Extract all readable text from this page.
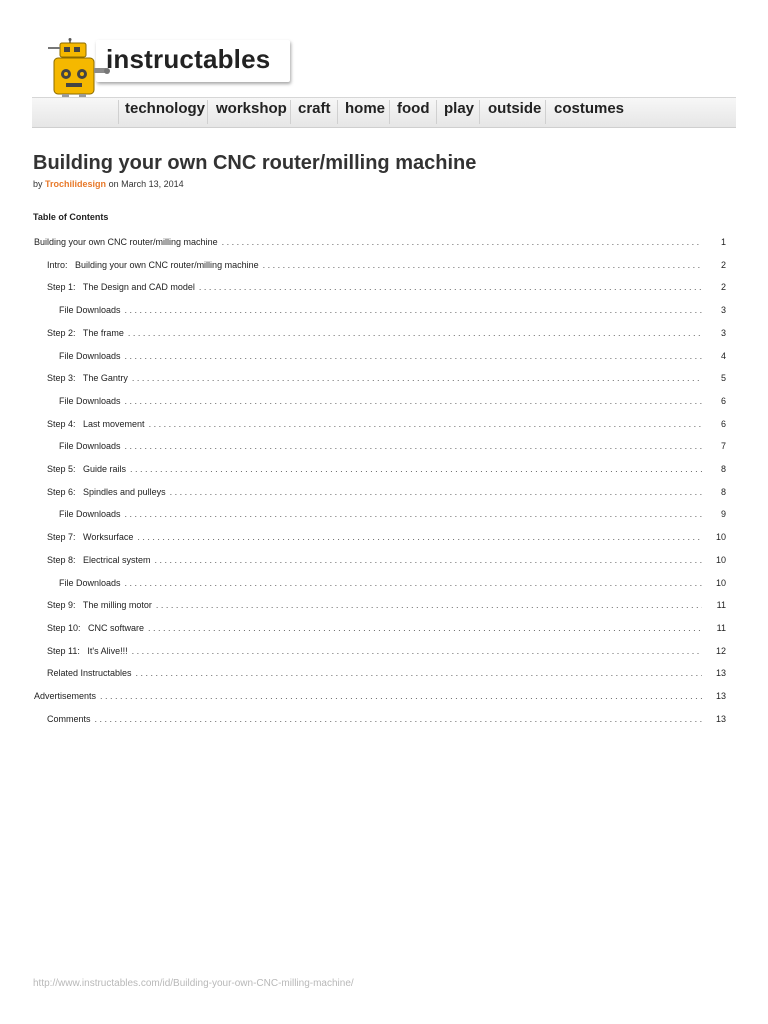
instructables
technology workshop craft home food play outside costumes
Building your own CNC router/milling machine
by Trochilidesign on March 13, 2014
Table of Contents
Building your own CNC router/milling machine . . .	1
Intro:   Building your own CNC router/milling machine . . .	2
Step 1:   The Design and CAD model . . .	2
File Downloads . . .	3
Step 2:   The frame . . .	3
File Downloads . . .	4
Step 3:   The Gantry . . .	5
File Downloads . . .	6
Step 4:   Last movement . . .	6
File Downloads . . .	7
Step 5:   Guide rails . . .	8
Step 6:   Spindles and pulleys . . .	8
File Downloads . . .	9
Step 7:   Worksurface . . .	10
Step 8:   Electrical system . . .	10
File Downloads . . .	10
Step 9:   The milling motor . . .	11
Step 10:   CNC software . . .	11
Step 11:   It's Alive!!! . . .	12
Related Instructables . . .	13
Advertisements . . .	13
Comments . . .	13
http://www.instructables.com/id/Building-your-own-CNC-milling-machine/
